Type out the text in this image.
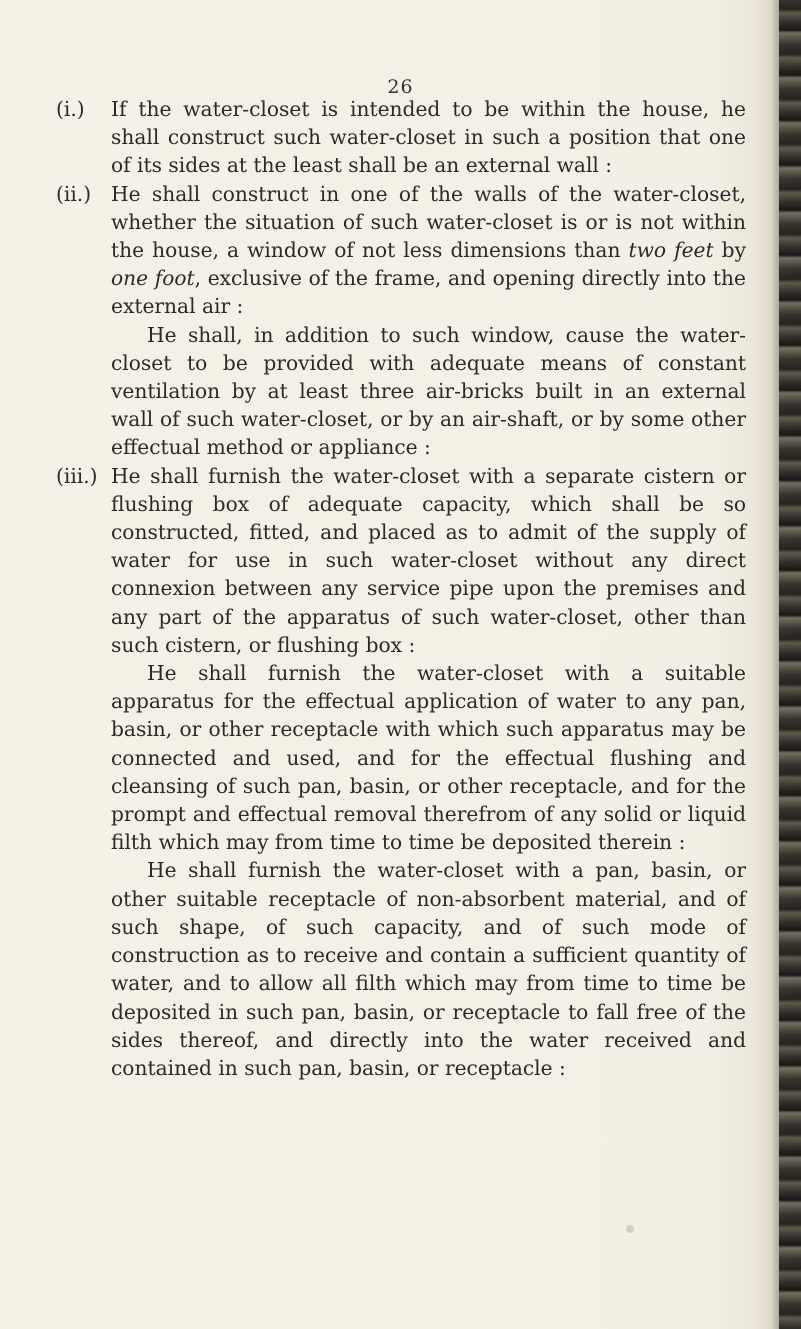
26
(i.) If the water-closet is intended to be within the house, he shall construct such water-closet in such a position that one of its sides at the least shall be an external wall :

(ii.) He shall construct in one of the walls of the water-closet, whether the situation of such water-closet is or is not within the house, a window of not less dimensions than two feet by one foot, exclusive of the frame, and opening directly into the external air :

He shall, in addition to such window, cause the water-closet to be provided with adequate means of constant ventilation by at least three air-bricks built in an external wall of such water-closet, or by an air-shaft, or by some other effectual method or appliance :

(iii.) He shall furnish the water-closet with a separate cistern or flushing box of adequate capacity, which shall be so constructed, fitted, and placed as to admit of the supply of water for use in such water-closet without any direct connexion between any service pipe upon the premises and any part of the apparatus of such water-closet, other than such cistern, or flushing box :

He shall furnish the water-closet with a suitable apparatus for the effectual application of water to any pan, basin, or other receptacle with which such apparatus may be connected and used, and for the effectual flushing and cleansing of such pan, basin, or other receptacle, and for the prompt and effectual removal therefrom of any solid or liquid filth which may from time to time be deposited therein :

He shall furnish the water-closet with a pan, basin, or other suitable receptacle of non-absorbent material, and of such shape, of such capacity, and of such mode of construction as to receive and contain a sufficient quantity of water, and to allow all filth which may from time to time be deposited in such pan, basin, or receptacle to fall free of the sides thereof, and directly into the water received and contained in such pan, basin, or receptacle :
